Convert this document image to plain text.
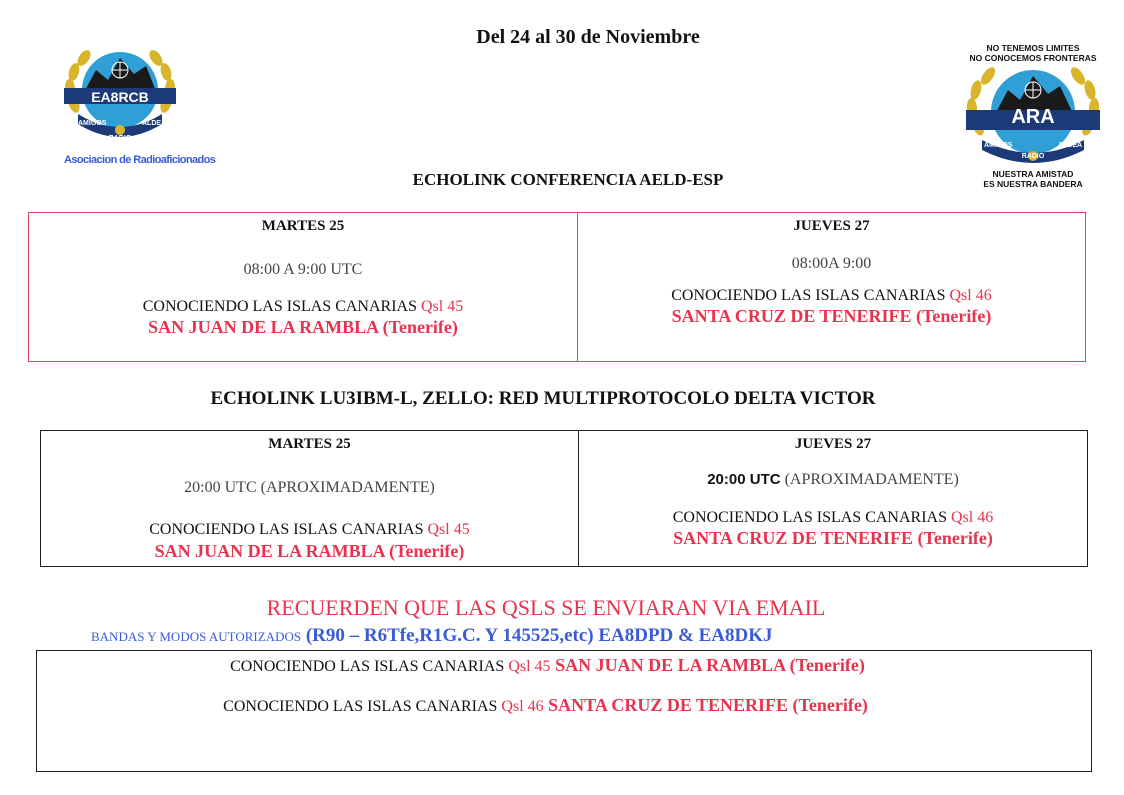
Del 24 al 30 de Noviembre
EA8RCB
AMIGOS	ALDEA
RADIO
Asociacion de Radioaficionados
NO TENEMOS LIMITES
NO CONOCEMOS FRONTERAS
ARA
AMIGOS	ALDEA
RADIO
NUESTRA AMISTAD
ES NUESTRA BANDERA
ECHOLINK CONFERENCIA AELD-ESP
MARTES 25
08:00 A 9:00 UTC
CONOCIENDO LAS ISLAS CANARIAS Qsl 45
SAN JUAN DE LA RAMBLA (Tenerife)
JUEVES 27
08:00A 9:00
CONOCIENDO LAS ISLAS CANARIAS Qsl 46
SANTA CRUZ DE TENERIFE (Tenerife)
ECHOLINK LU3IBM-L, ZELLO: RED MULTIPROTOCOLO DELTA VICTOR
MARTES 25
20:00 UTC (APROXIMADAMENTE)
CONOCIENDO LAS ISLAS CANARIAS Qsl 45
SAN JUAN DE LA RAMBLA (Tenerife)
JUEVES 27
20:00 UTC (APROXIMADAMENTE)
CONOCIENDO LAS ISLAS CANARIAS Qsl 46
SANTA CRUZ DE TENERIFE (Tenerife)
RECUERDEN QUE LAS QSLS SE ENVIARAN VIA EMAIL
BANDAS Y MODOS AUTORIZADOS (R90 – R6Tfe,R1G.C. Y 145525,etc) EA8DPD & EA8DKJ
CONOCIENDO LAS ISLAS CANARIAS Qsl 45 SAN JUAN DE LA RAMBLA (Tenerife)
CONOCIENDO LAS ISLAS CANARIAS Qsl 46 SANTA CRUZ DE TENERIFE (Tenerife)
